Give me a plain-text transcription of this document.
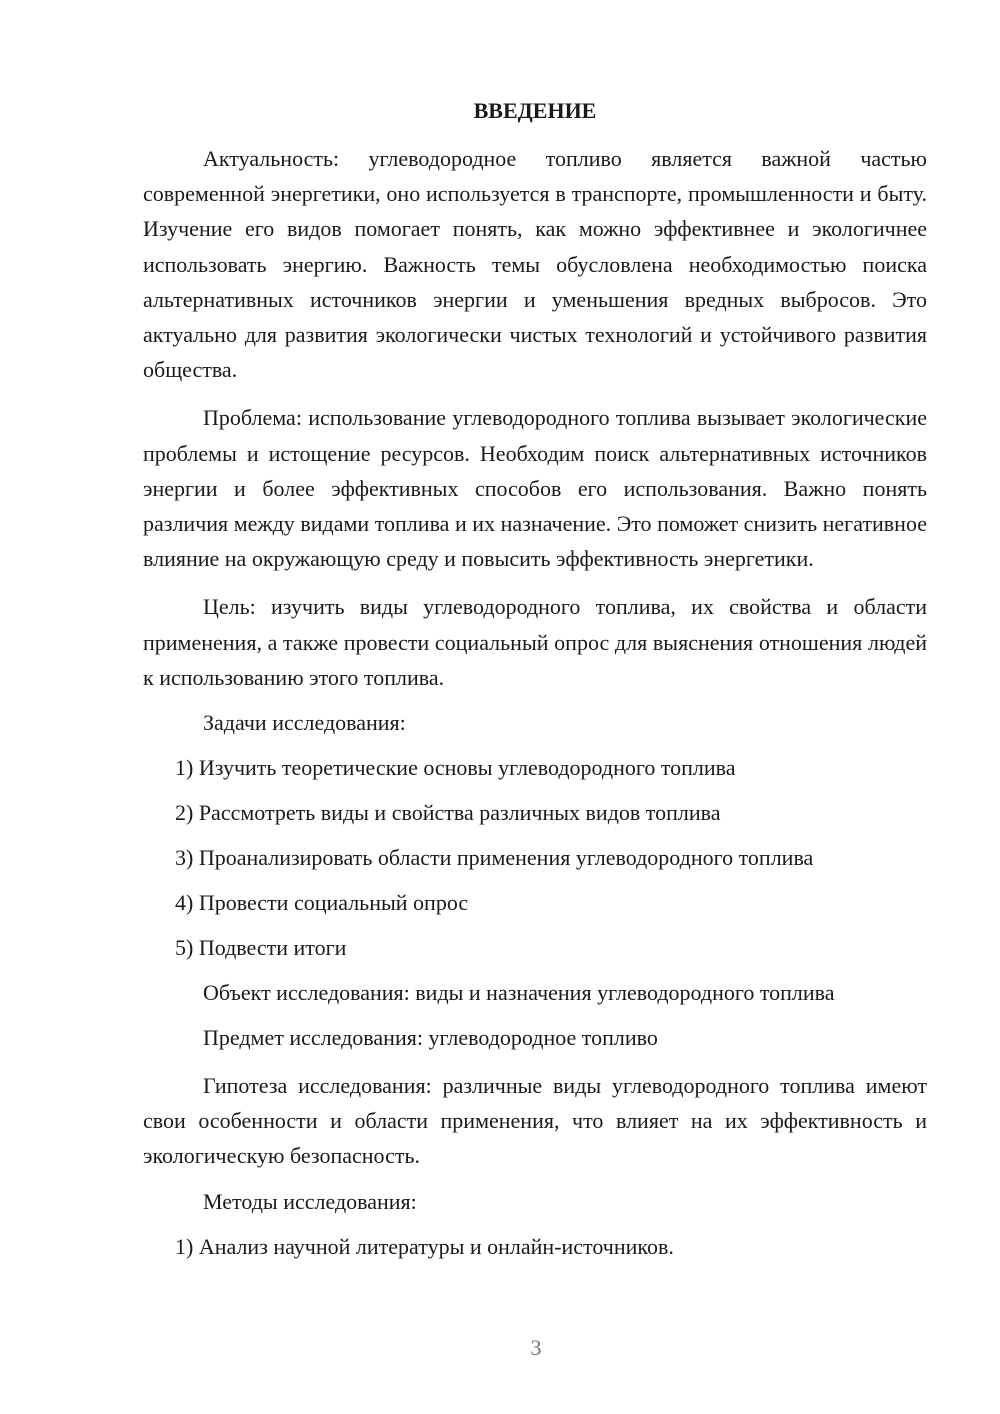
ВВЕДЕНИЕ

Актуальность: углеводородное топливо является важной частью современной энергетики, оно используется в транспорте, промышленности и быту. Изучение его видов помогает понять, как можно эффективнее и экологичнее использовать энергию. Важность темы обусловлена необходимостью поиска альтернативных источников энергии и уменьшения вредных выбросов. Это актуально для развития экологически чистых технологий и устойчивого развития общества.

Проблема: использование углеводородного топлива вызывает экологические проблемы и истощение ресурсов. Необходим поиск альтернативных источников энергии и более эффективных способов его использования. Важно понять различия между видами топлива и их назначение. Это поможет снизить негативное влияние на окружающую среду и повысить эффективность энергетики.

Цель: изучить виды углеводородного топлива, их свойства и области применения, а также провести социальный опрос для выяснения отношения людей к использованию этого топлива.

Задачи исследования:
1) Изучить теоретические основы углеводородного топлива
2) Рассмотреть виды и свойства различных видов топлива
3) Проанализировать области применения углеводородного топлива
4) Провести социальный опрос
5) Подвести итоги
Объект исследования: виды и назначения углеводородного топлива
Предмет исследования: углеводородное топливо

Гипотеза исследования: различные виды углеводородного топлива имеют свои особенности и области применения, что влияет на их эффективность и экологическую безопасность.

Методы исследования:
1) Анализ научной литературы и онлайн-источников.
3
